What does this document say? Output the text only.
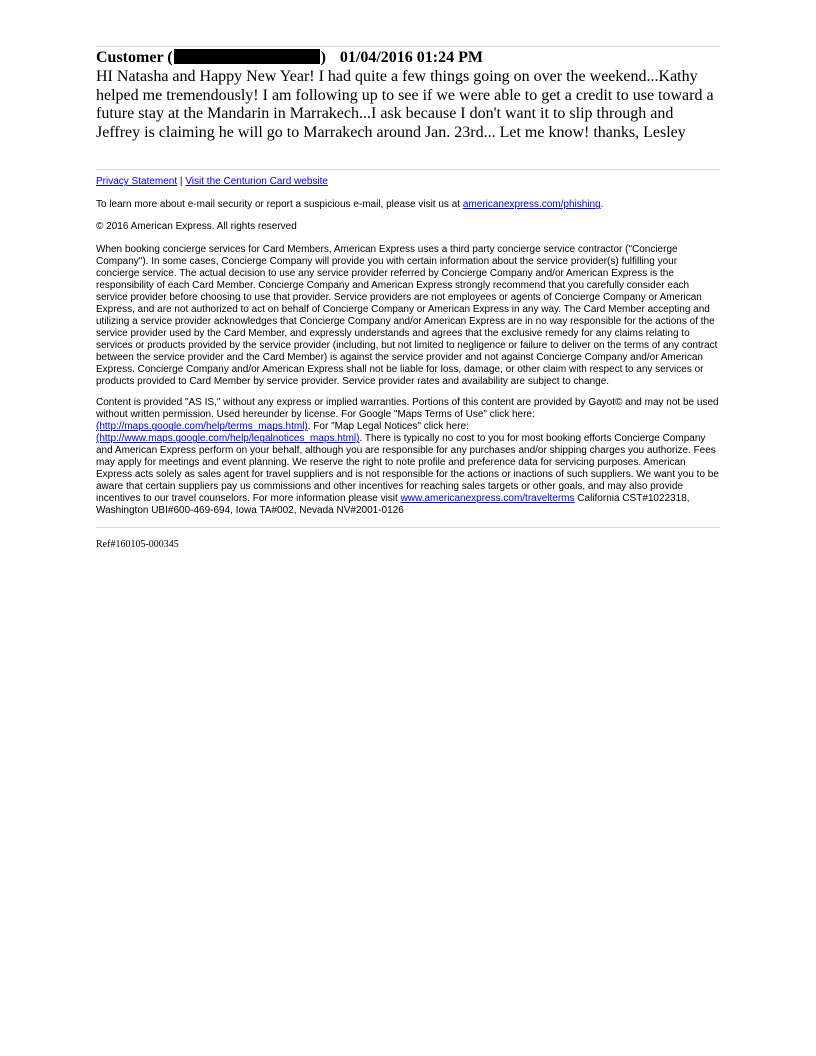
Customer (	) 01/04/2016 01:24 PM
HI Natasha and Happy New Year! I had quite a few things going on over the weekend...Kathy helped me tremendously! I am following up to see if we were able to get a credit to use toward a future stay at the Mandarin in Marrakech...I ask because I don't want it to slip through and Jeffrey is claiming he will go to Marrakech around Jan. 23rd... Let me know! thanks, Lesley

Privacy Statement | Visit the Centurion Card website

To learn more about e-mail security or report a suspicious e-mail, please visit us at americanexpress.com/phishing.

© 2016 American Express. All rights reserved

When booking concierge services for Card Members, American Express uses a third party concierge service contractor ("Concierge Company"). In some cases, Concierge Company will provide you with certain information about the service provider(s) fulfilling your concierge service. The actual decision to use any service provider referred by Concierge Company and/or American Express is the responsibility of each Card Member. Concierge Company and American Express strongly recommend that you carefully consider each service provider before choosing to use that provider. Service providers are not employees or agents of Concierge Company or American Express, and are not authorized to act on behalf of Concierge Company or American Express in any way. The Card Member accepting and utilizing a service provider acknowledges that Concierge Company and/or American Express are in no way responsible for the actions of the service provider used by the Card Member, and expressly understands and agrees that the exclusive remedy for any claims relating to services or products provided by the service provider (including, but not limited to negligence or failure to deliver on the terms of any contract between the service provider and the Card Member) is against the service provider and not against Concierge Company and/or American Express. Concierge Company and/or American Express shall not be liable for loss, damage, or other claim with respect to any services or products provided to Card Member by service provider. Service provider rates and availability are subject to change.

Content is provided "AS IS," without any express or implied warranties. Portions of this content are provided by Gayot© and may not be used without written permission. Used hereunder by license. For Google "Maps Terms of Use" click here: (http://maps.google.com/help/terms_maps.html). For "Map Legal Notices" click here: (http://www.maps.google.com/help/legalnotices_maps.html). There is typically no cost to you for most booking efforts Concierge Company and American Express perform on your behalf, although you are responsible for any purchases and/or shipping charges you authorize. Fees may apply for meetings and event planning. We reserve the right to note profile and preference data for servicing purposes. American Express acts solely as sales agent for travel suppliers and is not responsible for the actions or inactions of such suppliers. We want you to be aware that certain suppliers pay us commissions and other incentives for reaching sales targets or other goals, and may also provide incentives to our travel counselors. For more information please visit www.americanexpress.com/travelterms California CST#1022318, Washington UBI#600-469-694, Iowa TA#002, Nevada NV#2001-0126

Ref#160105-000345
